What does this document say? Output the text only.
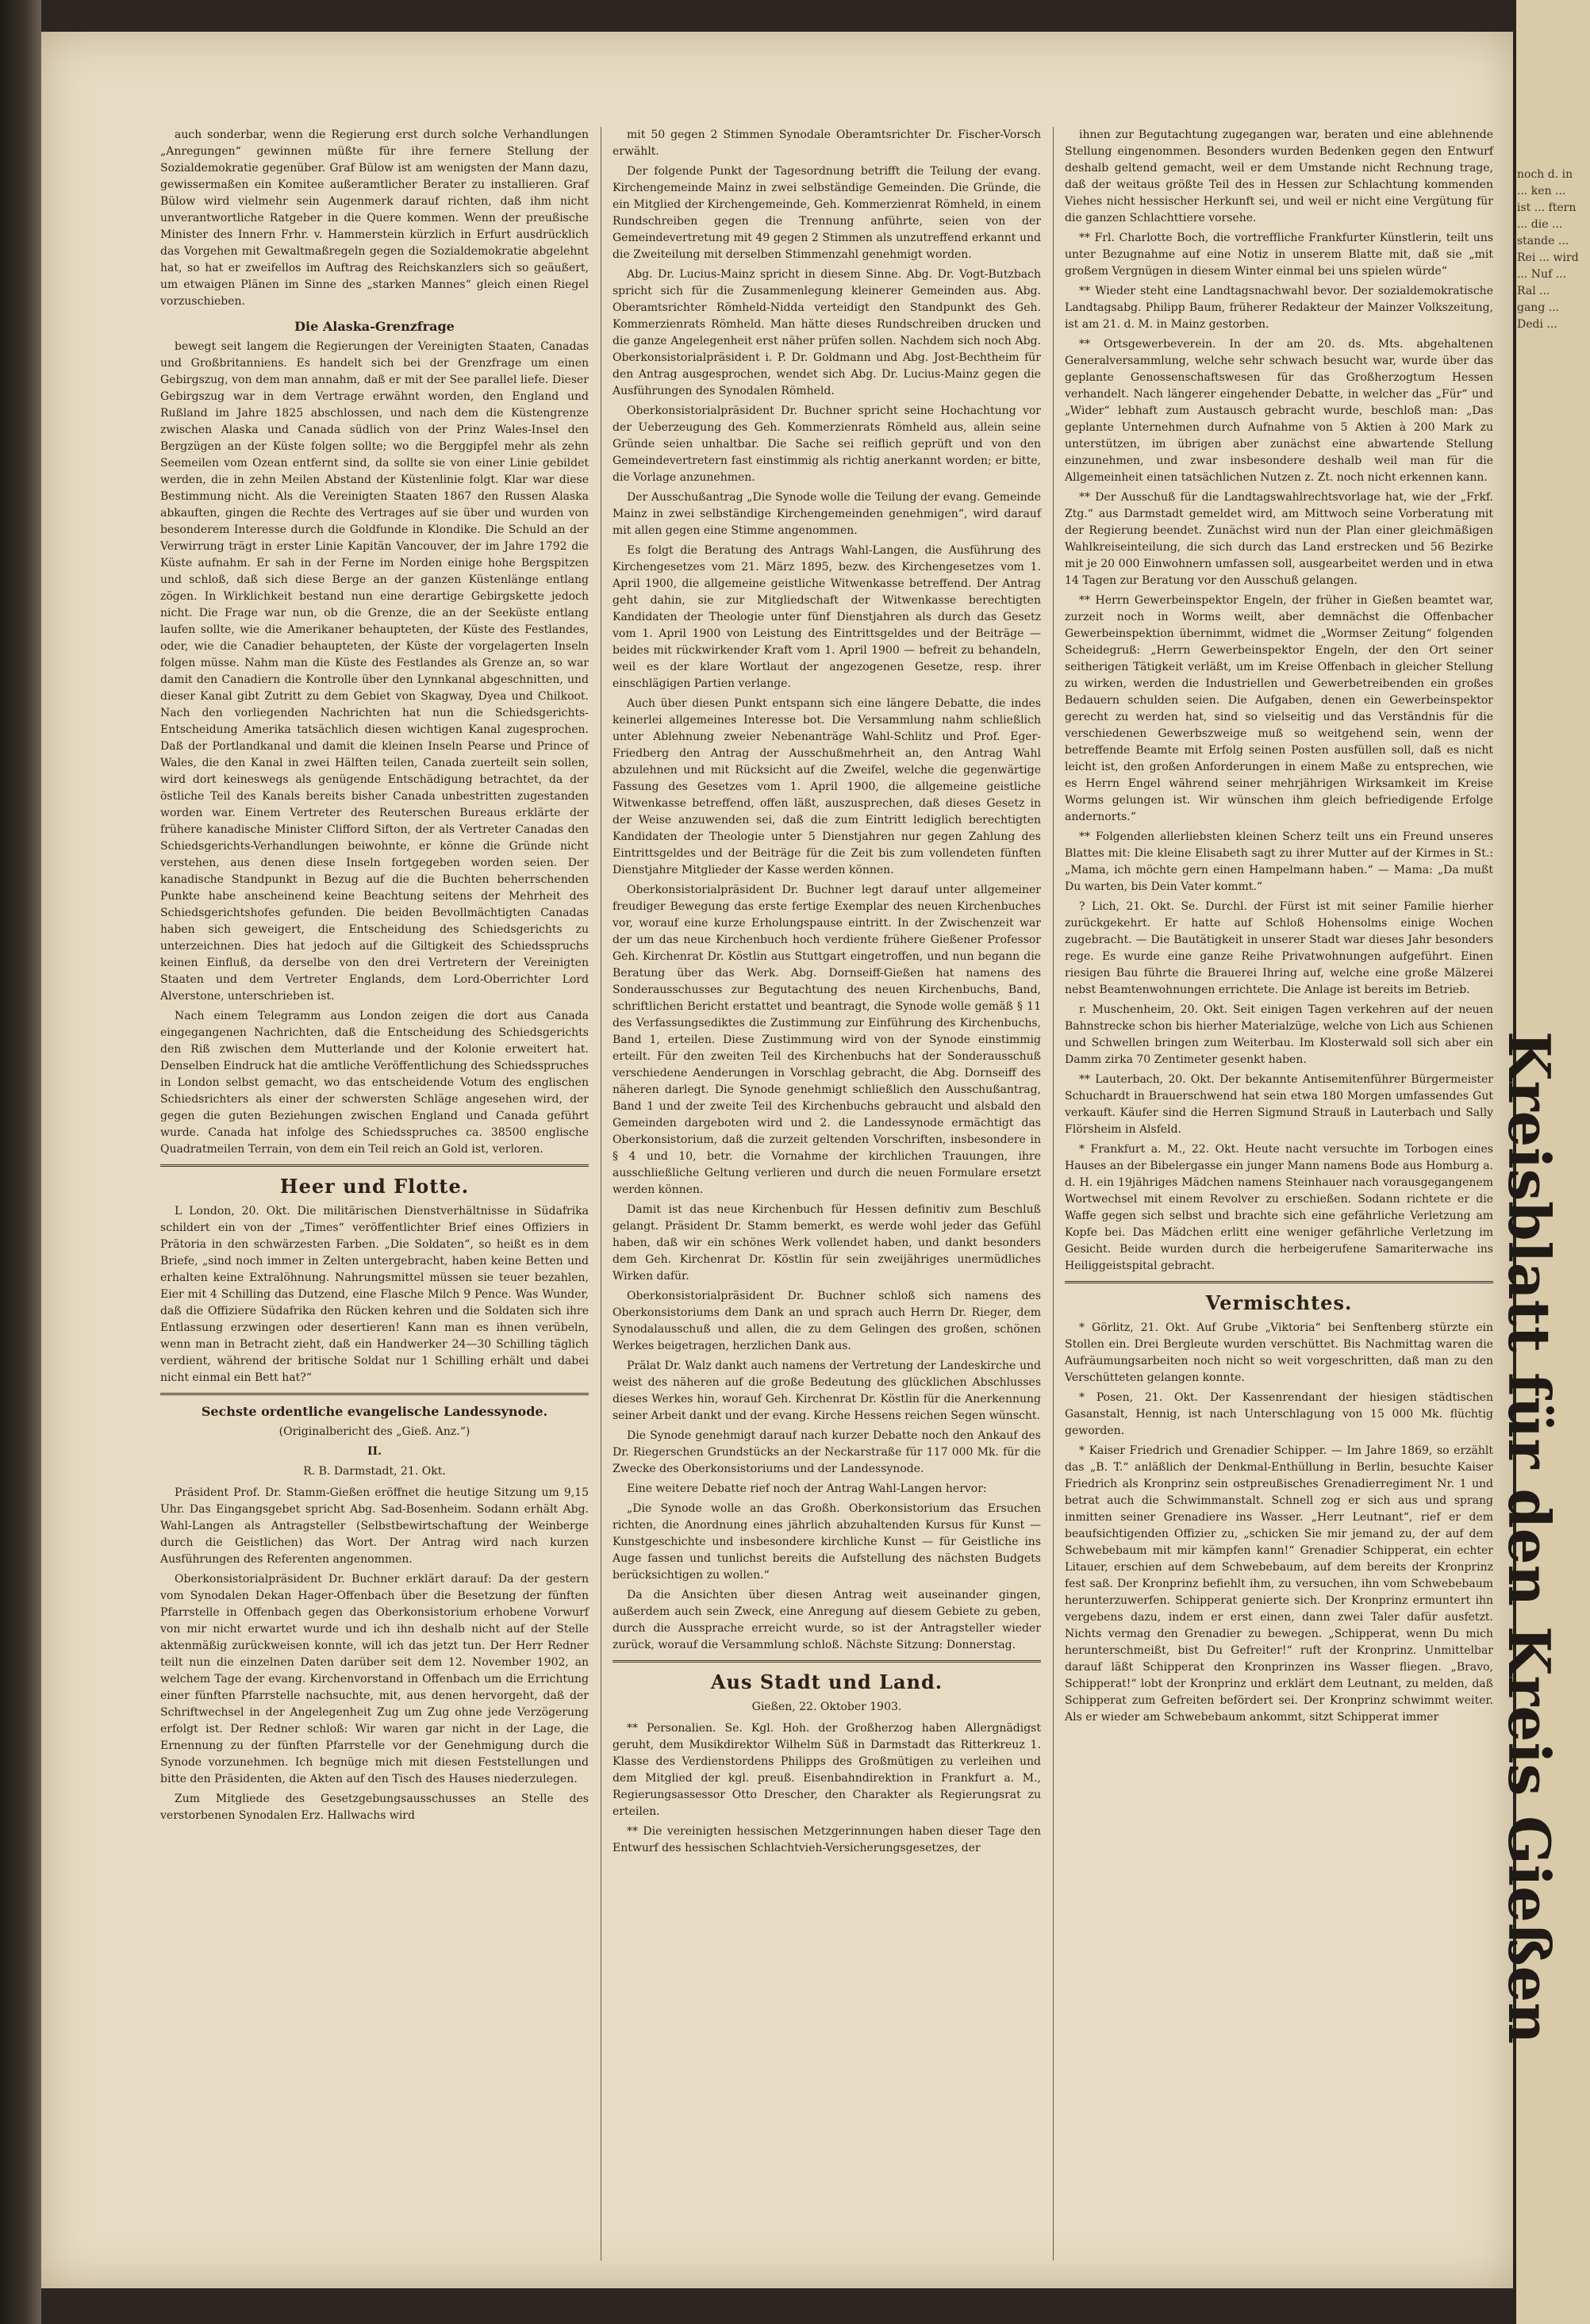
auch sonderbar, wenn die Regierung erst durch solche Verhandlungen „Anregungen“ gewinnen müßte für ihre fernere Stellung der Sozialdemokratie gegenüber. Graf Bülow ist am wenigsten der Mann dazu, gewissermaßen ein Komitee außeramtlicher Berater zu installieren. Graf Bülow wird vielmehr sein Augenmerk darauf richten, daß ihm nicht unverantwortliche Ratgeber in die Quere kommen. Wenn der preußische Minister des Innern Frhr. v. Hammerstein kürzlich in Erfurt ausdrücklich das Vorgehen mit Gewaltmaßregeln gegen die Sozialdemokratie abgelehnt hat, so hat er zweifellos im Auftrag des Reichskanzlers sich so geäußert, um etwaigen Plänen im Sinne des „starken Mannes“ gleich einen Riegel vorzuschieben.

Die Alaska-Grenzfrage

bewegt seit langem die Regierungen der Vereinigten Staaten, Canadas und Großbritanniens. Es handelt sich bei der Grenzfrage um einen Gebirgszug, von dem man annahm, daß er mit der See parallel liefe. Dieser Gebirgszug war in dem Vertrage erwähnt worden, den England und Rußland im Jahre 1825 abschlossen, und nach dem die Küstengrenze zwischen Alaska und Canada südlich von der Prinz Wales-Insel den Bergzügen an der Küste folgen sollte; wo die Berggipfel mehr als zehn Seemeilen vom Ozean entfernt sind, da sollte sie von einer Linie gebildet werden, die in zehn Meilen Abstand der Küstenlinie folgt. Klar war diese Bestimmung nicht. Als die Vereinigten Staaten 1867 den Russen Alaska abkauften, gingen die Rechte des Vertrages auf sie über und wurden von besonderem Interesse durch die Goldfunde in Klondike. Die Schuld an der Verwirrung trägt in erster Linie Kapitän Vancouver, der im Jahre 1792 die Küste aufnahm. Er sah in der Ferne im Norden einige hohe Bergspitzen und schloß, daß sich diese Berge an der ganzen Küstenlänge entlang zögen. In Wirklichkeit bestand nun eine derartige Gebirgskette jedoch nicht. Die Frage war nun, ob die Grenze, die an der Seeküste entlang laufen sollte, wie die Amerikaner behaupteten, der Küste des Festlandes, oder, wie die Canadier behaupteten, der Küste der vorgelagerten Inseln folgen müsse. Nahm man die Küste des Festlandes als Grenze an, so war damit den Canadiern die Kontrolle über den Lynnkanal abgeschnitten, und dieser Kanal gibt Zutritt zu dem Gebiet von Skagway, Dyea und Chilkoot. Nach den vorliegenden Nachrichten hat nun die Schiedsgerichts-Entscheidung Amerika tatsächlich diesen wichtigen Kanal zugesprochen. Daß der Portlandkanal und damit die kleinen Inseln Pearse und Prince of Wales, die den Kanal in zwei Hälften teilen, Canada zuerteilt sein sollen, wird dort keineswegs als genügende Entschädigung betrachtet, da der östliche Teil des Kanals bereits bisher Canada unbestritten zugestanden worden war. Einem Vertreter des Reuterschen Bureaus erklärte der frühere kanadische Minister Clifford Sifton, der als Vertreter Canadas den Schiedsgerichts-Verhandlungen beiwohnte, er könne die Gründe nicht verstehen, aus denen diese Inseln fortgegeben worden seien. Der kanadische Standpunkt in Bezug auf die die Buchten beherrschenden Punkte habe anscheinend keine Beachtung seitens der Mehrheit des Schiedsgerichtshofes gefunden. Die beiden Bevollmächtigten Canadas haben sich geweigert, die Entscheidung des Schiedsgerichts zu unterzeichnen. Dies hat jedoch auf die Giltigkeit des Schiedsspruchs keinen Einfluß, da derselbe von den drei Vertretern der Vereinigten Staaten und dem Vertreter Englands, dem Lord-Oberrichter Lord Alverstone, unterschrieben ist.

Nach einem Telegramm aus London zeigen die dort aus Canada eingegangenen Nachrichten, daß die Entscheidung des Schiedsgerichts den Riß zwischen dem Mutterlande und der Kolonie erweitert hat. Denselben Eindruck hat die amtliche Veröffentlichung des Schiedsspruches in London selbst gemacht, wo das entscheidende Votum des englischen Schiedsrichters als einer der schwersten Schläge angesehen wird, der gegen die guten Beziehungen zwischen England und Canada geführt wurde. Canada hat infolge des Schiedsspruches ca. 38500 englische Quadratmeilen Terrain, von dem ein Teil reich an Gold ist, verloren.

Heer und Flotte.

L London, 20. Okt. Die militärischen Dienstverhältnisse in Südafrika schildert ein von der „Times“ veröffentlichter Brief eines Offiziers in Prätoria in den schwärzesten Farben. „Die Soldaten“, so heißt es in dem Briefe, „sind noch immer in Zelten untergebracht, haben keine Betten und erhalten keine Extralöhnung. Nahrungsmittel müssen sie teuer bezahlen, Eier mit 4 Schilling das Dutzend, eine Flasche Milch 9 Pence. Was Wunder, daß die Offiziere Südafrika den Rücken kehren und die Soldaten sich ihre Entlassung erzwingen oder desertieren! Kann man es ihnen verübeln, wenn man in Betracht zieht, daß ein Handwerker 24—30 Schilling täglich verdient, während der britische Soldat nur 1 Schilling erhält und dabei nicht einmal ein Bett hat?“

Sechste ordentliche evangelische Landessynode.

(Originalbericht des „Gieß. Anz.“)

II.

R. B. Darmstadt, 21. Okt.

Präsident Prof. Dr. Stamm-Gießen eröffnet die heutige Sitzung um 9,15 Uhr. Das Eingangsgebet spricht Abg. Sad-Bosenheim. Sodann erhält Abg. Wahl-Langen als Antragsteller (Selbstbewirtschaftung der Weinberge durch die Geistlichen) das Wort. Der Antrag wird nach kurzen Ausführungen des Referenten angenommen.

Oberkonsistorialpräsident Dr. Buchner erklärt darauf: Da der gestern vom Synodalen Dekan Hager-Offenbach über die Besetzung der fünften Pfarrstelle in Offenbach gegen das Oberkonsistorium erhobene Vorwurf von mir nicht erwartet wurde und ich ihn deshalb nicht auf der Stelle aktenmäßig zurückweisen konnte, will ich das jetzt tun. Der Herr Redner teilt nun die einzelnen Daten darüber seit dem 12. November 1902, an welchem Tage der evang. Kirchenvorstand in Offenbach um die Errichtung einer fünften Pfarrstelle nachsuchte, mit, aus denen hervorgeht, daß der Schriftwechsel in der Angelegenheit Zug um Zug ohne jede Verzögerung erfolgt ist. Der Redner schloß: Wir waren gar nicht in der Lage, die Ernennung zu der fünften Pfarrstelle vor der Genehmigung durch die Synode vorzunehmen. Ich begnüge mich mit diesen Feststellungen und bitte den Präsidenten, die Akten auf den Tisch des Hauses niederzulegen.

Zum Mitgliede des Gesetzgebungsausschusses an Stelle des verstorbenen Synodalen Erz. Hallwachs wird

mit 50 gegen 2 Stimmen Synodale Oberamtsrichter Dr. Fischer-Vorsch erwählt.

Der folgende Punkt der Tagesordnung betrifft die Teilung der evang. Kirchengemeinde Mainz in zwei selbständige Gemeinden. Die Gründe, die ein Mitglied der Kirchengemeinde, Geh. Kommerzienrat Römheld, in einem Rundschreiben gegen die Trennung anführte, seien von der Gemeindevertretung mit 49 gegen 2 Stimmen als unzutreffend erkannt und die Zweiteilung mit derselben Stimmenzahl genehmigt worden.

Abg. Dr. Lucius-Mainz spricht in diesem Sinne. Abg. Dr. Vogt-Butzbach spricht sich für die Zusammenlegung kleinerer Gemeinden aus. Abg. Oberamtsrichter Römheld-Nidda verteidigt den Standpunkt des Geh. Kommerzienrats Römheld. Man hätte dieses Rundschreiben drucken und die ganze Angelegenheit erst näher prüfen sollen. Nachdem sich noch Abg. Oberkonsistorialpräsident i. P. Dr. Goldmann und Abg. Jost-Bechtheim für den Antrag ausgesprochen, wendet sich Abg. Dr. Lucius-Mainz gegen die Ausführungen des Synodalen Römheld.

Oberkonsistorialpräsident Dr. Buchner spricht seine Hochachtung vor der Ueberzeugung des Geh. Kommerzienrats Römheld aus, allein seine Gründe seien unhaltbar. Die Sache sei reiflich geprüft und von den Gemeindevertretern fast einstimmig als richtig anerkannt worden; er bitte, die Vorlage anzunehmen.

Der Ausschußantrag „Die Synode wolle die Teilung der evang. Gemeinde Mainz in zwei selbständige Kirchengemeinden genehmigen“, wird darauf mit allen gegen eine Stimme angenommen.

Es folgt die Beratung des Antrags Wahl-Langen, die Ausführung des Kirchengesetzes vom 21. März 1895, bezw. des Kirchengesetzes vom 1. April 1900, die allgemeine geistliche Witwenkasse betreffend. Der Antrag geht dahin, sie zur Mitgliedschaft der Witwenkasse berechtigten Kandidaten der Theologie unter fünf Dienstjahren als durch das Gesetz vom 1. April 1900 von Leistung des Eintrittsgeldes und der Beiträge — beides mit rückwirkender Kraft vom 1. April 1900 — befreit zu behandeln, weil es der klare Wortlaut der angezogenen Gesetze, resp. ihrer einschlägigen Partien verlange.

Auch über diesen Punkt entspann sich eine längere Debatte, die indes keinerlei allgemeines Interesse bot. Die Versammlung nahm schließlich unter Ablehnung zweier Nebenanträge Wahl-Schlitz und Prof. Eger-Friedberg den Antrag der Ausschußmehrheit an, den Antrag Wahl abzulehnen und mit Rücksicht auf die Zweifel, welche die gegenwärtige Fassung des Gesetzes vom 1. April 1900, die allgemeine geistliche Witwenkasse betreffend, offen läßt, auszusprechen, daß dieses Gesetz in der Weise anzuwenden sei, daß die zum Eintritt lediglich berechtigten Kandidaten der Theologie unter 5 Dienstjahren nur gegen Zahlung des Eintrittsgeldes und der Beiträge für die Zeit bis zum vollendeten fünften Dienstjahre Mitglieder der Kasse werden können.

Oberkonsistorialpräsident Dr. Buchner legt darauf unter allgemeiner freudiger Bewegung das erste fertige Exemplar des neuen Kirchenbuches vor, worauf eine kurze Erholungspause eintritt. In der Zwischenzeit war der um das neue Kirchenbuch hoch verdiente frühere Gießener Professor Geh. Kirchenrat Dr. Köstlin aus Stuttgart eingetroffen, und nun begann die Beratung über das Werk. Abg. Dornseiff-Gießen hat namens des Sonderausschusses zur Begutachtung des neuen Kirchenbuchs, Band, schriftlichen Bericht erstattet und beantragt, die Synode wolle gemäß § 11 des Verfassungsediktes die Zustimmung zur Einführung des Kirchenbuchs, Band 1, erteilen. Diese Zustimmung wird von der Synode einstimmig erteilt. Für den zweiten Teil des Kirchenbuchs hat der Sonderausschuß verschiedene Aenderungen in Vorschlag gebracht, die Abg. Dornseiff des näheren darlegt. Die Synode genehmigt schließlich den Ausschußantrag, Band 1 und der zweite Teil des Kirchenbuchs gebraucht und alsbald den Gemeinden dargeboten wird und 2. die Landessynode ermächtigt das Oberkonsistorium, daß die zurzeit geltenden Vorschriften, insbesondere in § 4 und 10, betr. die Vornahme der kirchlichen Trauungen, ihre ausschließliche Geltung verlieren und durch die neuen Formulare ersetzt werden können.

Damit ist das neue Kirchenbuch für Hessen definitiv zum Beschluß gelangt. Präsident Dr. Stamm bemerkt, es werde wohl jeder das Gefühl haben, daß wir ein schönes Werk vollendet haben, und dankt besonders dem Geh. Kirchenrat Dr. Köstlin für sein zweijähriges unermüdliches Wirken dafür.

Oberkonsistorialpräsident Dr. Buchner schloß sich namens des Oberkonsistoriums dem Dank an und sprach auch Herrn Dr. Rieger, dem Synodalausschuß und allen, die zu dem Gelingen des großen, schönen Werkes beigetragen, herzlichen Dank aus.

Prälat Dr. Walz dankt auch namens der Vertretung der Landeskirche und weist des näheren auf die große Bedeutung des glücklichen Abschlusses dieses Werkes hin, worauf Geh. Kirchenrat Dr. Köstlin für die Anerkennung seiner Arbeit dankt und der evang. Kirche Hessens reichen Segen wünscht.

Die Synode genehmigt darauf nach kurzer Debatte noch den Ankauf des Dr. Riegerschen Grundstücks an der Neckarstraße für 117 000 Mk. für die Zwecke des Oberkonsistoriums und der Landessynode.

Eine weitere Debatte rief noch der Antrag Wahl-Langen hervor:

„Die Synode wolle an das Großh. Oberkonsistorium das Ersuchen richten, die Anordnung eines jährlich abzuhaltenden Kursus für Kunst — Kunstgeschichte und insbesondere kirchliche Kunst — für Geistliche ins Auge fassen und tunlichst bereits die Aufstellung des nächsten Budgets berücksichtigen zu wollen.“

Da die Ansichten über diesen Antrag weit auseinander gingen, außerdem auch sein Zweck, eine Anregung auf diesem Gebiete zu geben, durch die Aussprache erreicht wurde, so ist der Antragsteller wieder zurück, worauf die Versammlung schloß. Nächste Sitzung: Donnerstag.

Aus Stadt und Land.

Gießen, 22. Oktober 1903.

** Personalien. Se. Kgl. Hoh. der Großherzog haben Allergnädigst geruht, dem Musikdirektor Wilhelm Süß in Darmstadt das Ritterkreuz 1. Klasse des Verdienstordens Philipps des Großmütigen zu verleihen und dem Mitglied der kgl. preuß. Eisenbahndirektion in Frankfurt a. M., Regierungsassessor Otto Drescher, den Charakter als Regierungsrat zu erteilen.

** Die vereinigten hessischen Metzgerinnungen haben dieser Tage den Entwurf des hessischen Schlachtvieh-Versicherungsgesetzes, der

ihnen zur Begutachtung zugegangen war, beraten und eine ablehnende Stellung eingenommen. Besonders wurden Bedenken gegen den Entwurf deshalb geltend gemacht, weil er dem Umstande nicht Rechnung trage, daß der weitaus größte Teil des in Hessen zur Schlachtung kommenden Viehes nicht hessischer Herkunft sei, und weil er nicht eine Vergütung für die ganzen Schlachttiere vorsehe.

** Frl. Charlotte Boch, die vortreffliche Frankfurter Künstlerin, teilt uns unter Bezugnahme auf eine Notiz in unserem Blatte mit, daß sie „mit großem Vergnügen in diesem Winter einmal bei uns spielen würde“

** Wieder steht eine Landtagsnachwahl bevor. Der sozialdemokratische Landtagsabg. Philipp Baum, früherer Redakteur der Mainzer Volkszeitung, ist am 21. d. M. in Mainz gestorben.

** Ortsgewerbeverein. In der am 20. ds. Mts. abgehaltenen Generalversammlung, welche sehr schwach besucht war, wurde über das geplante Genossenschaftswesen für das Großherzogtum Hessen verhandelt. Nach längerer eingehender Debatte, in welcher das „Für“ und „Wider“ lebhaft zum Austausch gebracht wurde, beschloß man: „Das geplante Unternehmen durch Aufnahme von 5 Aktien à 200 Mark zu unterstützen, im übrigen aber zunächst eine abwartende Stellung einzunehmen, und zwar insbesondere deshalb weil man für die Allgemeinheit einen tatsächlichen Nutzen z. Zt. noch nicht erkennen kann.

** Der Ausschuß für die Landtagswahlrechtsvorlage hat, wie der „Frkf. Ztg.“ aus Darmstadt gemeldet wird, am Mittwoch seine Vorberatung mit der Regierung beendet. Zunächst wird nun der Plan einer gleichmäßigen Wahlkreiseinteilung, die sich durch das Land erstrecken und 56 Bezirke mit je 20 000 Einwohnern umfassen soll, ausgearbeitet werden und in etwa 14 Tagen zur Beratung vor den Ausschuß gelangen.

** Herrn Gewerbeinspektor Engeln, der früher in Gießen beamtet war, zurzeit noch in Worms weilt, aber demnächst die Offenbacher Gewerbeinspektion übernimmt, widmet die „Wormser Zeitung“ folgenden Scheidegruß: „Herrn Gewerbeinspektor Engeln, der den Ort seiner seitherigen Tätigkeit verläßt, um im Kreise Offenbach in gleicher Stellung zu wirken, werden die Industriellen und Gewerbetreibenden ein großes Bedauern schulden seien. Die Aufgaben, denen ein Gewerbeinspektor gerecht zu werden hat, sind so vielseitig und das Verständnis für die verschiedenen Gewerbszweige muß so weitgehend sein, wenn der betreffende Beamte mit Erfolg seinen Posten ausfüllen soll, daß es nicht leicht ist, den großen Anforderungen in einem Maße zu entsprechen, wie es Herrn Engel während seiner mehrjährigen Wirksamkeit im Kreise Worms gelungen ist. Wir wünschen ihm gleich befriedigende Erfolge andernorts.“

** Folgenden allerliebsten kleinen Scherz teilt uns ein Freund unseres Blattes mit: Die kleine Elisabeth sagt zu ihrer Mutter auf der Kirmes in St.: „Mama, ich möchte gern einen Hampelmann haben.“ — Mama: „Da mußt Du warten, bis Dein Vater kommt.“

? Lich, 21. Okt. Se. Durchl. der Fürst ist mit seiner Familie hierher zurückgekehrt. Er hatte auf Schloß Hohensolms einige Wochen zugebracht. — Die Bautätigkeit in unserer Stadt war dieses Jahr besonders rege. Es wurde eine ganze Reihe Privatwohnungen aufgeführt. Einen riesigen Bau führte die Brauerei Ihring auf, welche eine große Mälzerei nebst Beamtenwohnungen errichtete. Die Anlage ist bereits im Betrieb.

r. Muschenheim, 20. Okt. Seit einigen Tagen verkehren auf der neuen Bahnstrecke schon bis hierher Materialzüge, welche von Lich aus Schienen und Schwellen bringen zum Weiterbau. Im Klosterwald soll sich aber ein Damm zirka 70 Zentimeter gesenkt haben.

** Lauterbach, 20. Okt. Der bekannte Antisemitenführer Bürgermeister Schuchardt in Brauerschwend hat sein etwa 180 Morgen umfassendes Gut verkauft. Käufer sind die Herren Sigmund Strauß in Lauterbach und Sally Flörsheim in Alsfeld.

* Frankfurt a. M., 22. Okt. Heute nacht versuchte im Torbogen eines Hauses an der Bibelergasse ein junger Mann namens Bode aus Homburg a. d. H. ein 19jähriges Mädchen namens Steinhauer nach vorausgegangenem Wortwechsel mit einem Revolver zu erschießen. Sodann richtete er die Waffe gegen sich selbst und brachte sich eine gefährliche Verletzung am Kopfe bei. Das Mädchen erlitt eine weniger gefährliche Verletzung im Gesicht. Beide wurden durch die herbeigerufene Samariterwache ins Heiliggeistspital gebracht.

Vermischtes.

* Görlitz, 21. Okt. Auf Grube „Viktoria“ bei Senftenberg stürzte ein Stollen ein. Drei Bergleute wurden verschüttet. Bis Nachmittag waren die Aufräumungsarbeiten noch nicht so weit vorgeschritten, daß man zu den Verschütteten gelangen konnte.

* Posen, 21. Okt. Der Kassenrendant der hiesigen städtischen Gasanstalt, Hennig, ist nach Unterschlagung von 15 000 Mk. flüchtig geworden.

* Kaiser Friedrich und Grenadier Schipper. — Im Jahre 1869, so erzählt das „B. T.“ anläßlich der Denkmal-Enthüllung in Berlin, besuchte Kaiser Friedrich als Kronprinz sein ostpreußisches Grenadierregiment Nr. 1 und betrat auch die Schwimmanstalt. Schnell zog er sich aus und sprang inmitten seiner Grenadiere ins Wasser. „Herr Leutnant“, rief er dem beaufsichtigenden Offizier zu, „schicken Sie mir jemand zu, der auf dem Schwebebaum mit mir kämpfen kann!“ Grenadier Schipperat, ein echter Litauer, erschien auf dem Schwebebaum, auf dem bereits der Kronprinz fest saß. Der Kronprinz befiehlt ihm, zu versuchen, ihn vom Schwebebaum herunterzuwerfen. Schipperat genierte sich. Der Kronprinz ermuntert ihn vergebens dazu, indem er erst einen, dann zwei Taler dafür ausfetzt. Nichts vermag den Grenadier zu bewegen. „Schipperat, wenn Du mich herunterschmeißt, bist Du Gefreiter!“ ruft der Kronprinz. Unmittelbar darauf läßt Schipperat den Kronprinzen ins Wasser fliegen. „Bravo, Schipperat!“ lobt der Kronprinz und erklärt dem Leutnant, zu melden, daß Schipperat zum Gefreiten befördert sei. Der Kronprinz schwimmt weiter. Als er wieder am Schwebebaum ankommt, sitzt Schipperat immer

noch d. in ... ken ... ist ... ftern ... die ... stande ... Rei ... wird ... Nuf ... Ral ... gang ... Dedi ...
Kreisblatt für den Kreis Gießen
